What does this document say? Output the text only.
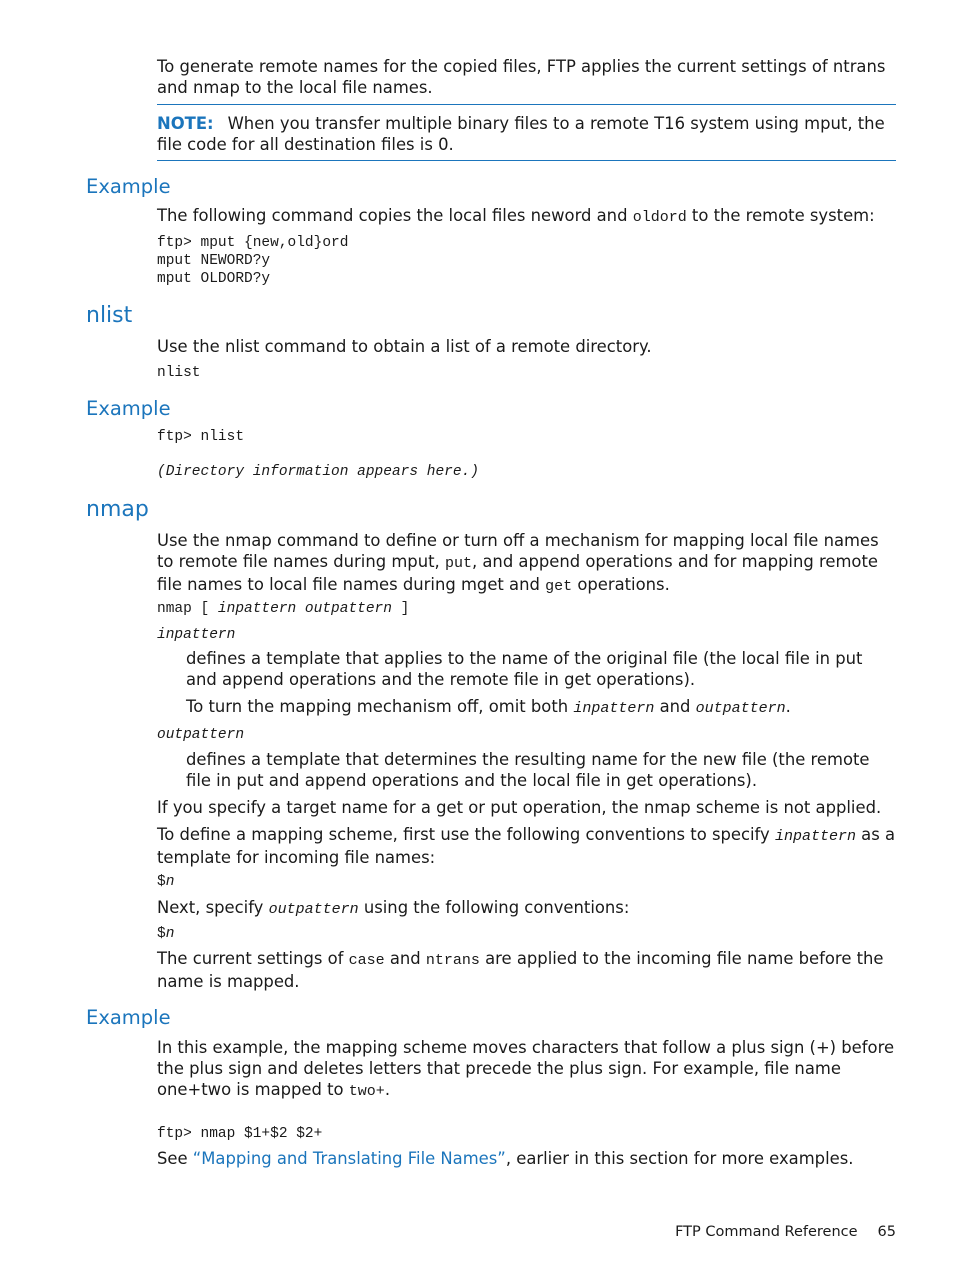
To generate remote names for the copied files, FTP applies the current settings of ntrans and nmap to the local file names.

NOTE: When you transfer multiple binary files to a remote T16 system using mput, the file code for all destination files is 0.

Example

The following command copies the local files neword and oldord to the remote system:

ftp> mput {new,old}ord
mput NEWORD?y
mput OLDORD?y
nlist

Use the nlist command to obtain a list of a remote directory.

nlist
Example
ftp> nlist
(Directory information appears here.)
nmap

Use the nmap command to define or turn off a mechanism for mapping local file names to remote file names during mput, put, and append operations and for mapping remote file names to local file names during mget and get operations.

nmap [ inpattern outpattern ]
inpattern

defines a template that applies to the name of the original file (the local file in put and append operations and the remote file in get operations).

To turn the mapping mechanism off, omit both inpattern and outpattern.

outpattern

defines a template that determines the resulting name for the new file (the remote file in put and append operations and the local file in get operations).

If you specify a target name for a get or put operation, the nmap scheme is not applied.

To define a mapping scheme, first use the following conventions to specify inpattern as a template for incoming file names:

$n

Next, specify outpattern using the following conventions:

$n

The current settings of case and ntrans are applied to the incoming file name before the name is mapped.

Example

In this example, the mapping scheme moves characters that follow a plus sign (+) before the plus sign and deletes letters that precede the plus sign. For example, file name one+two is mapped to two+.

ftp> nmap $1+$2 $2+

See “Mapping and Translating File Names”, earlier in this section for more examples.

FTP Command Reference 65
